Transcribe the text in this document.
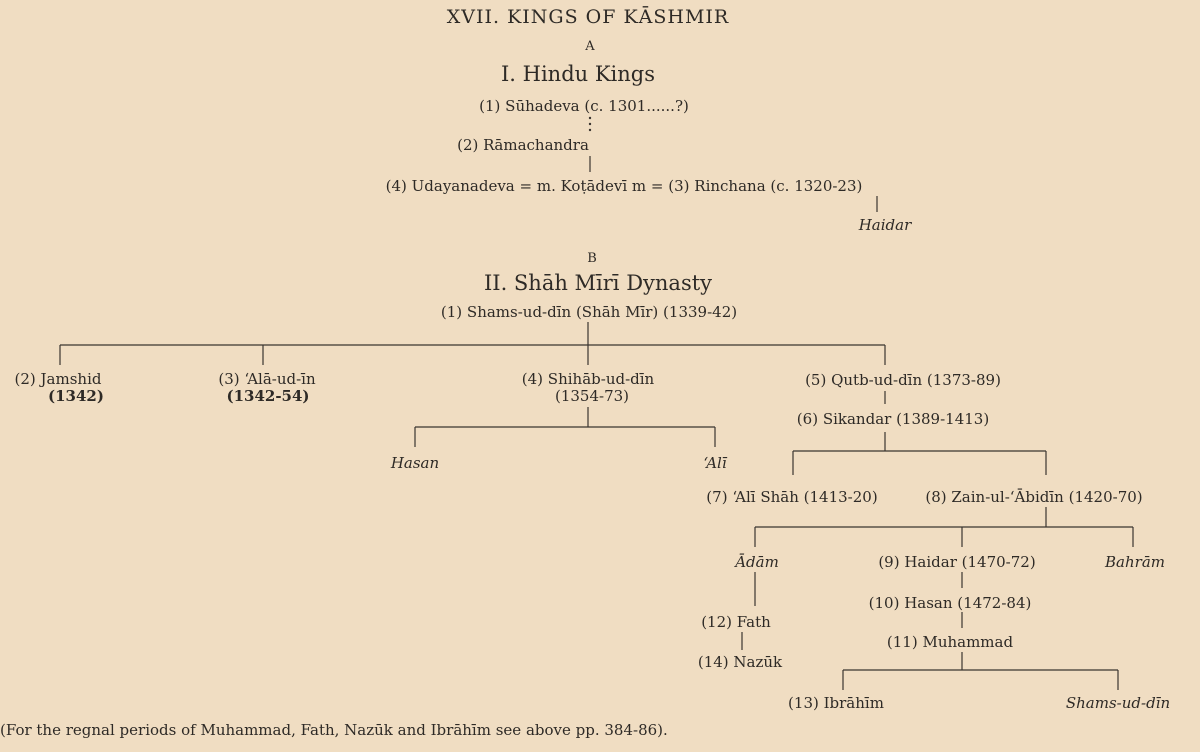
XVII. KINGS OF KĀSHMIR
A
I. Hindu Kings
(1) Sūhadeva (c. 1301......?)
(2) Rāmachandra
(4) Udayanadeva = m. Koṭādevī m = (3) Rinchana (c. 1320-23)
Haidar
B
II. Shāh Mīrī Dynasty
(1) Shams-ud-dīn (Shāh Mīr) (1339-42)
(2) Jamshid
(1342)
(3) ‘Alā-ud-īn
(1342-54)
(4) Shihāb-ud-dīn
(1354-73)
(5) Qutb-ud-dīn (1373-89)
(6) Sikandar (1389-1413)
Hasan	‘Alī
(7) ‘Alī Shāh (1413-20)	(8) Zain-ul-‘Ābidīn (1420-70)
Ādām	(9) Haidar (1470-72)	Bahrām
(12) Fath
(14) Nazūk
(10) Hasan (1472-84)
(11) Muhammad
(13) Ibrāhīm	Shams-ud-dīn
(For the regnal periods of Muhammad, Fath, Nazūk and Ibrāhīm see above pp. 384-86).
